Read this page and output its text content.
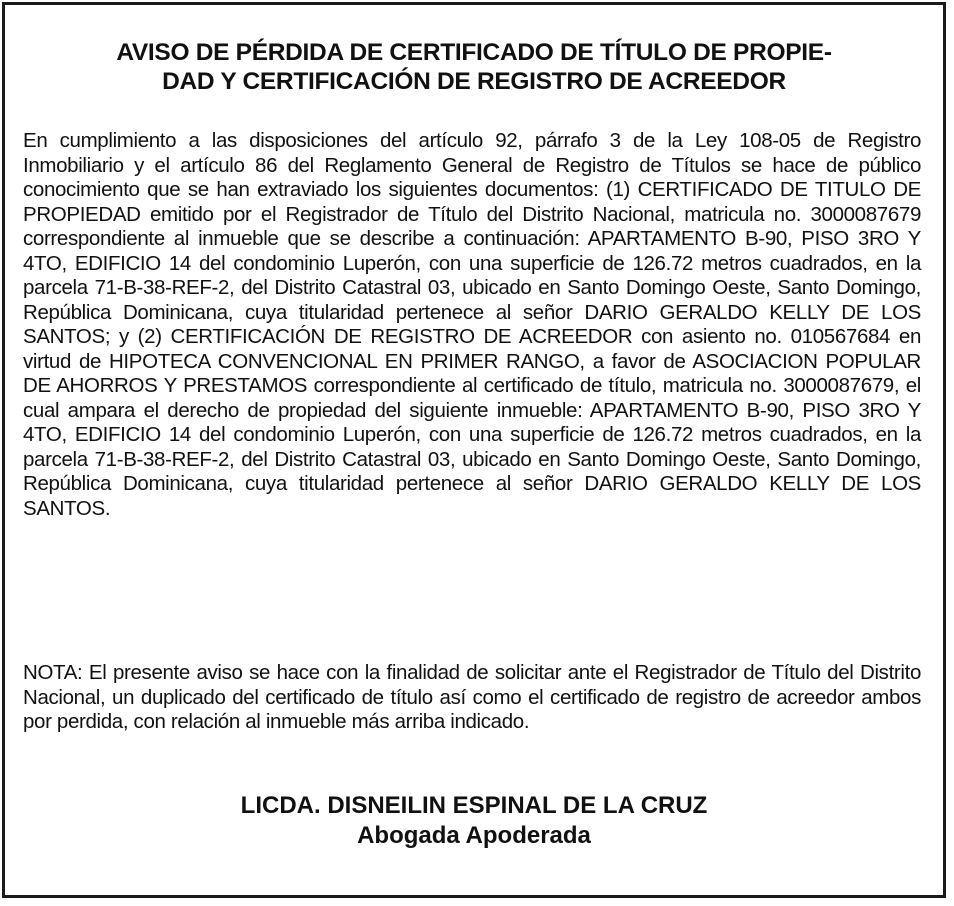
AVISO DE PÉRDIDA DE CERTIFICADO DE TÍTULO DE PROPIE-
DAD Y CERTIFICACIÓN DE REGISTRO DE ACREEDOR

En cumplimiento a las disposiciones del artículo 92, párrafo 3 de la Ley 108-05 de Registro Inmobiliario y el artículo 86 del Reglamento General de Registro de Títulos se hace de público conocimiento que se han extraviado los siguientes documentos: (1) CERTIFICADO DE TITULO DE PROPIEDAD emitido por el Registrador de Título del Distrito Nacional, matricula no. 3000087679 correspondiente al inmueble que se describe a continuación: APARTAMENTO B-90, PISO 3RO Y 4TO, EDIFICIO 14 del condominio Luperón, con una superficie de 126.72 metros cuadrados, en la parcela 71-B-38-REF-2, del Distrito Catastral 03, ubicado en Santo Domingo Oeste, Santo Domingo, República Dominicana, cuya titularidad pertenece al señor DARIO GERALDO KELLY DE LOS SANTOS; y (2) CERTIFICACIÓN DE REGISTRO DE ACREEDOR con asiento no. 010567684 en virtud de HIPOTECA CONVENCIONAL EN PRIMER RANGO, a favor de ASOCIACION POPULAR DE AHORROS Y PRESTAMOS correspondiente al certificado de título, matricula no. 3000087679, el cual ampara el derecho de propiedad del siguiente inmueble: APARTAMENTO B-90, PISO 3RO Y 4TO, EDIFICIO 14 del condominio Luperón, con una superficie de 126.72 metros cuadrados, en la parcela 71-B-38-REF-2, del Distrito Catastral 03, ubicado en Santo Domingo Oeste, Santo Domingo, República Dominicana, cuya titularidad pertenece al señor DARIO GERALDO KELLY DE LOS SANTOS.

NOTA: El presente aviso se hace con la finalidad de solicitar ante el Registrador de Título del Distrito Nacional, un duplicado del certificado de título así como el certificado de registro de acreedor ambos por perdida, con relación al inmueble más arriba indicado.

LICDA. DISNEILIN ESPINAL DE LA CRUZ
Abogada Apoderada
